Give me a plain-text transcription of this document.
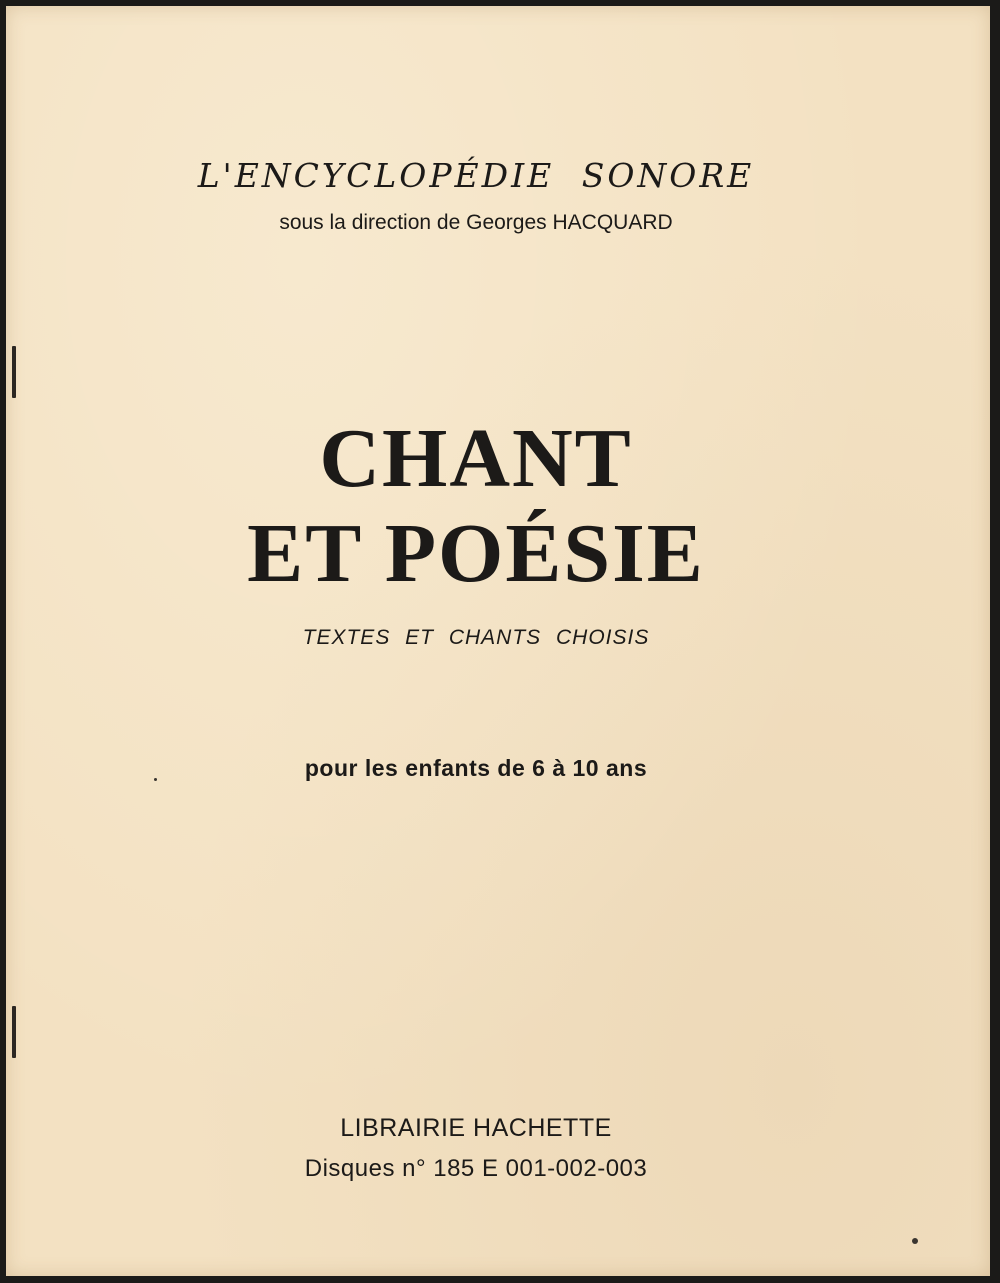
L'ENCYCLOPÉDIE SONORE
sous la direction de Georges HACQUARD
CHANT
ET POÉSIE
TEXTES ET CHANTS CHOISIS
pour les enfants de 6 à 10 ans
LIBRAIRIE HACHETTE
Disques n° 185 E 001-002-003
